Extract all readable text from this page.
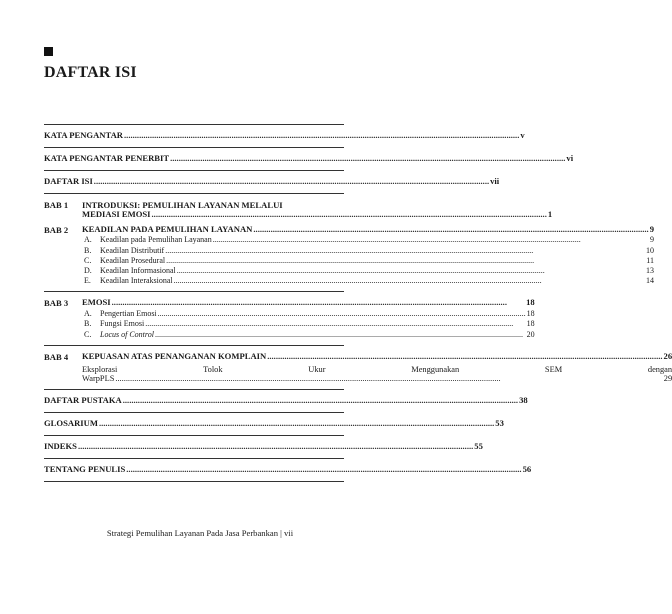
DAFTAR ISI
KATA PENGANTAR .....	v
KATA PENGANTAR PENERBIT .....	vi
DAFTAR ISI .....	vii
BAB 1	INTRODUKSI: PEMULIHAN LAYANAN MELALUI
MEDIASI EMOSI .....	1
BAB 2	KEADILAN PADA PEMULIHAN LAYANAN .....	9
A. Keadilan pada Pemulihan Layanan .....	9
B. Keadilan Distributif .....	10
C. Keadilan Prosedural .....	11
D. Keadilan Informasional .....	13
E. Keadilan Interaksional .....	14
BAB 3	EMOSI .....	18
A. Pengertian Emosi .....	18
B. Fungsi Emosi .....	18
C. Locus of Control .....	20
BAB 4	KEPUASAN ATAS PENANGANAN KOMPLAIN .....	26
Eksplorasi	Tolok	Ukur	Menggunakan	SEM	dengan
WarpPLS .....	29
DAFTAR PUSTAKA .....	38
GLOSARIUM .....	53
INDEKS .....	55
TENTANG PENULIS .....	56
Strategi Pemulihan Layanan Pada Jasa Perbankan | vii
